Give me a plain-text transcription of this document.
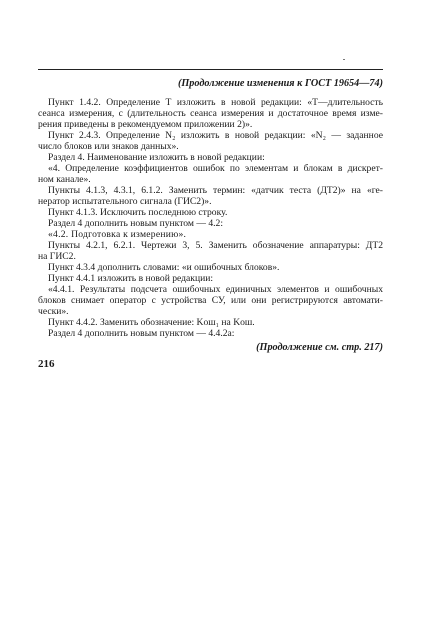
(Продолжение изменения к ГОСТ 19654—74)
Пункт 1.4.2. Определение Т изложить в новой редакции: «Т—длительность
сеанса измерения, с (длительность сеанса измерения и достаточное время изме-
рения приведены в рекомендуемом приложении 2)».
Пункт 2.4.3. Определение N₂ изложить в новой редакции: «N₂ — заданное
число блоков или знаков данных».
Раздел 4. Наименование изложить в новой редакции:
«4. Определение коэффициентов ошибок по элементам и блокам в дискрет-
ном канале».
Пункты 4.1.3, 4.3.1, 6.1.2. Заменить термин: «датчик теста (ДТ2)» на «ге-
нератор испытательного сигнала (ГИС2)».
Пункт 4.1.3. Исключить последнюю строку.
Раздел 4 дополнить новым пунктом — 4.2:
«4.2. Подготовка к измерению».
Пункты 4.2.1, 6.2.1. Чертежи 3, 5. Заменить обозначение аппаратуры: ДТ2
на ГИС2.
Пункт 4.3.4 дополнить словами: «и ошибочных блоков».
Пункт 4.4.1 изложить в новой редакции:
«4.4.1. Результаты подсчета ошибочных единичных элементов и ошибочных
блоков снимает оператор с устройства СУ, или они регистрируются автомати-
чески».
Пункт 4.4.2. Заменить обозначение: Kош₁ на Kош.
Раздел 4 дополнить новым пунктом — 4.4.2а:
(Продолжение см. стр. 217)
216
